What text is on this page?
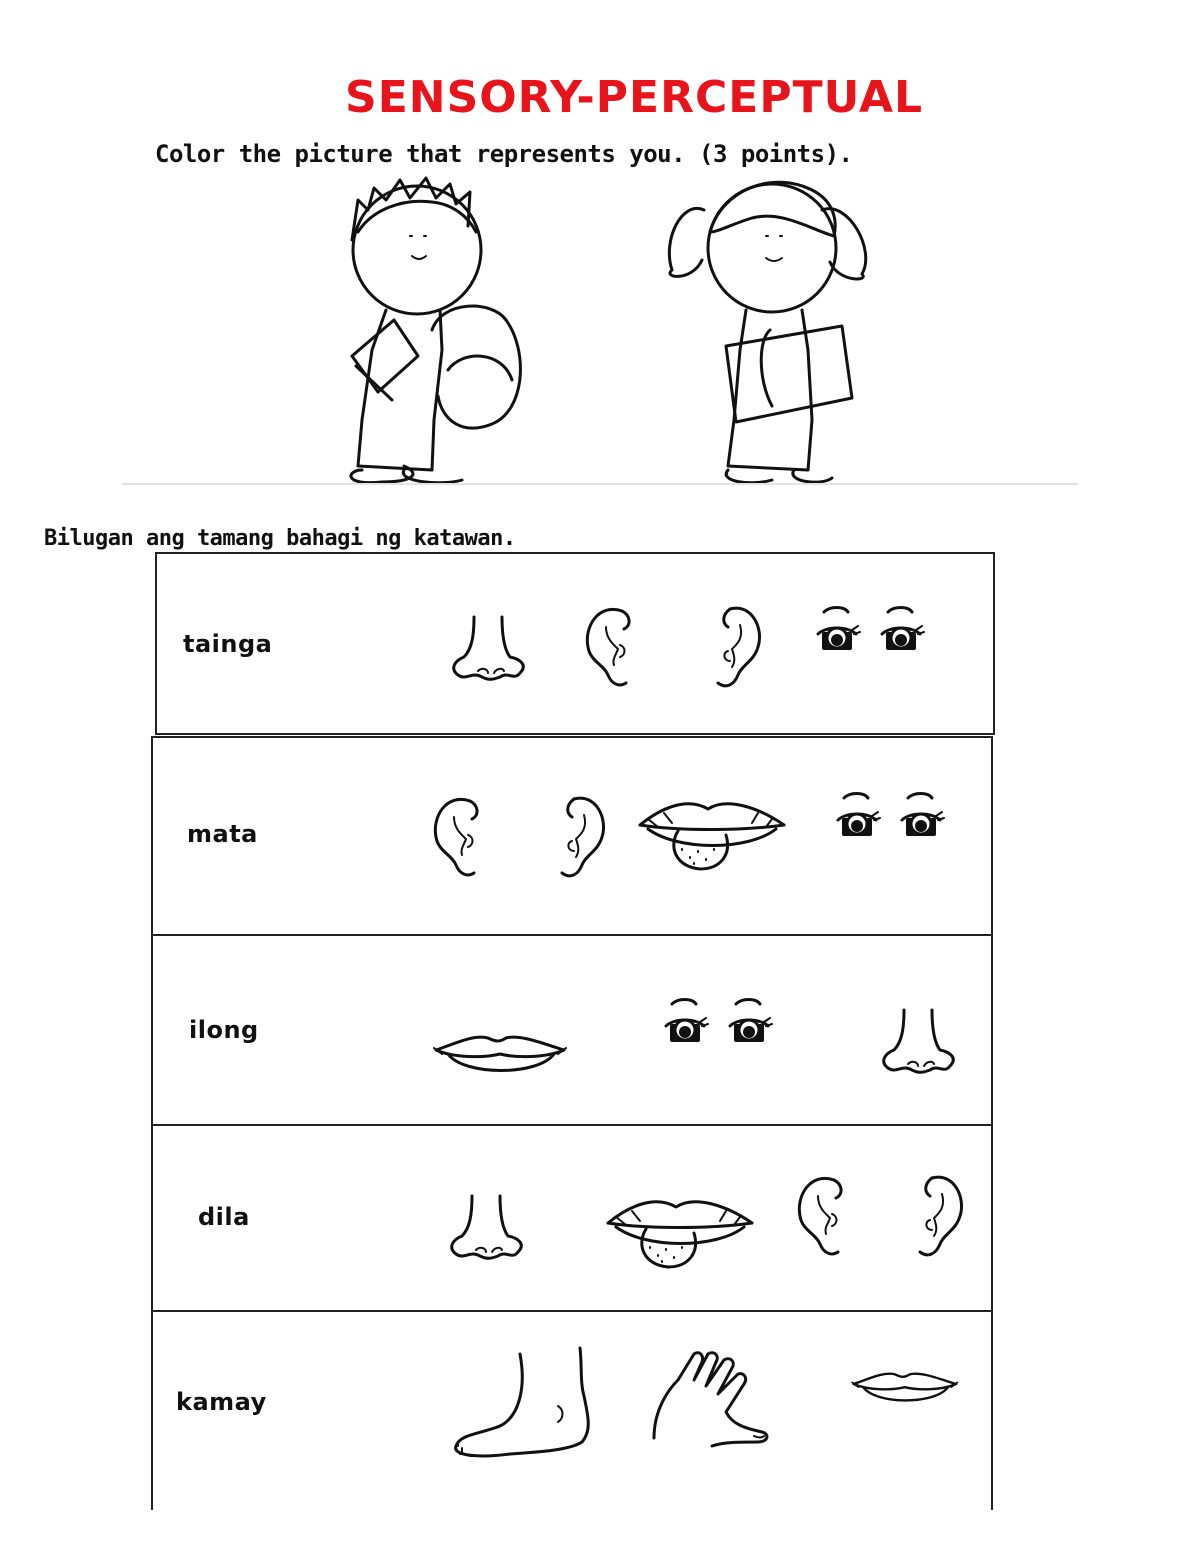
SENSORY-PERCEPTUAL
Color the picture that represents you. (3 points).
Bilugan ang tamang bahagi ng katawan.
tainga
mata
ilong
dila
kamay
